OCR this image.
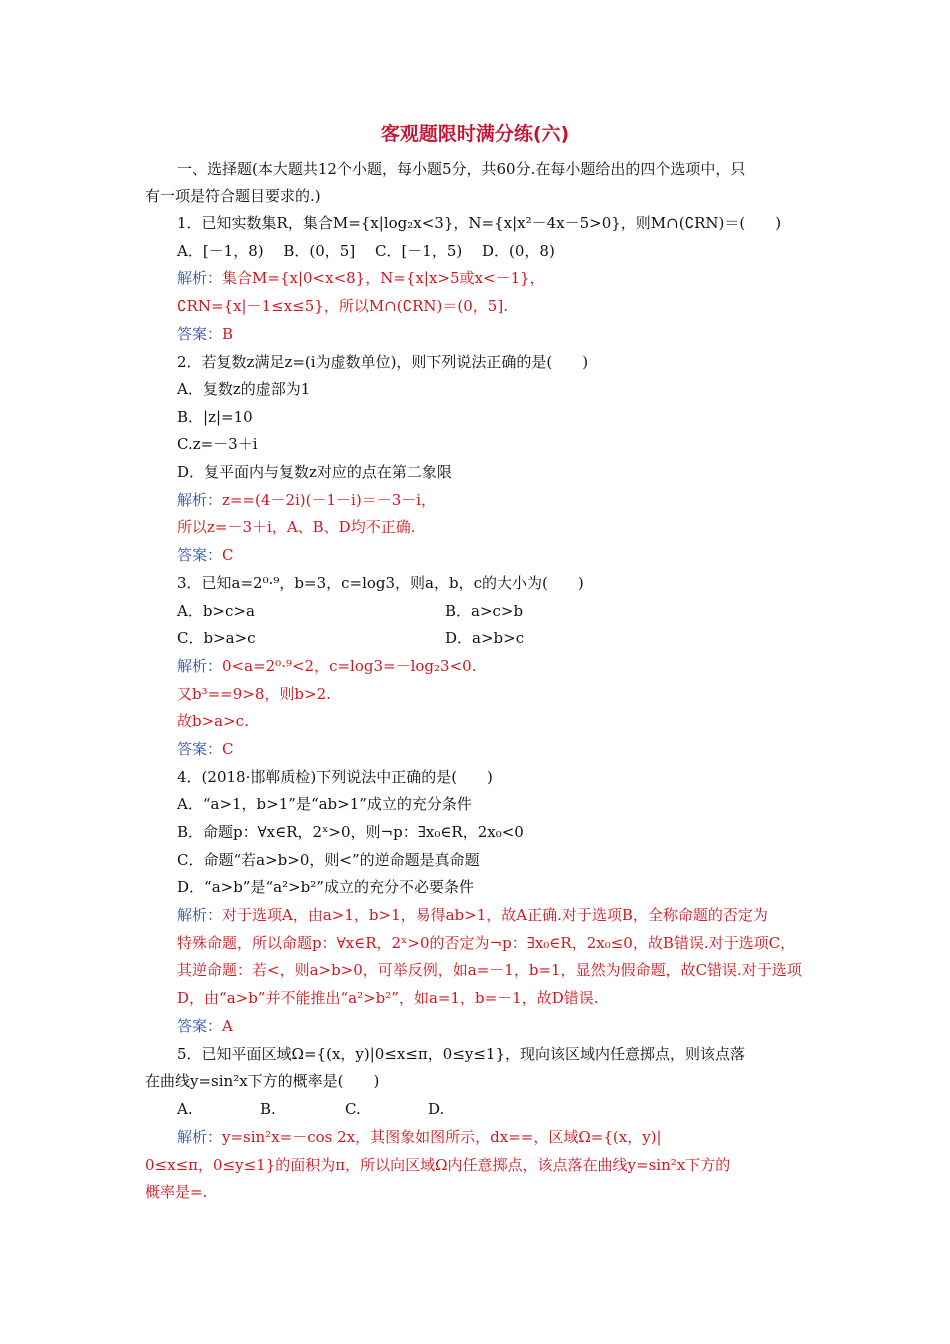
客观题限时满分练(六)
一、选择题(本大题共12个小题，每小题5分，共60分.在每小题给出的四个选项中，只
有一项是符合题目要求的.)
1．已知实数集R，集合M={x|log₂x<3}，N={x|x²－4x－5>0}，则M∩(∁RN)＝(　　)
A．[－1，8)　 B．(0，5]　 C．[－1，5)　 D．(0，8)
解析：集合M={x|0<x<8}，N={x|x>5或x<－1}，
∁RN={x|－1≤x≤5}，所以M∩(∁RN)＝(0，5].
答案：B
2．若复数z满足z=(i为虚数单位)，则下列说法正确的是(　　)
A．复数z的虚部为1
B．|z|=10
C.z=－3＋i
D．复平面内与复数z对应的点在第二象限
解析：z==(4－2i)(－1－i)＝－3－i，
所以z=－3＋i，A、B、D均不正确.
答案：C
3．已知a=2⁰·⁹，b=3，c=log3，则a，b，c的大小为(　　)
A．b>c>a	B．a>c>b
C．b>a>c	D．a>b>c
解析：0<a=2⁰·⁹<2，c=log3=－log₂3<0.
又b³==9>8，则b>2.
故b>a>c.
答案：C
4．(2018·邯郸质检)下列说法中正确的是(　　)
A．“a>1，b>1”是“ab>1”成立的充分条件
B．命题p：∀x∈R，2ˣ>0，则¬p：∃x₀∈R，2x₀<0
C．命题“若a>b>0，则<”的逆命题是真命题
D．“a>b”是“a²>b²”成立的充分不必要条件
解析：对于选项A，由a>1，b>1，易得ab>1，故A正确.对于选项B，全称命题的否定为
特殊命题，所以命题p：∀x∈R，2ˣ>0的否定为¬p：∃x₀∈R，2x₀≤0，故B错误.对于选项C，
其逆命题：若<，则a>b>0，可举反例，如a=－1，b=1，显然为假命题，故C错误.对于选项
D，由“a>b”并不能推出“a²>b²”，如a=1，b=－1，故D错误.
答案：A
5．已知平面区域Ω={(x，y)|0≤x≤π，0≤y≤1}，现向该区域内任意掷点，则该点落
在曲线y=sin²x下方的概率是(　　)
A.	B.	C.	D.
解析：y=sin²x=－cos 2x，其图象如图所示，dx==，区域Ω={(x，y)|
0≤x≤π，0≤y≤1}的面积为π，所以向区域Ω内任意掷点，该点落在曲线y=sin²x下方的
概率是=.
